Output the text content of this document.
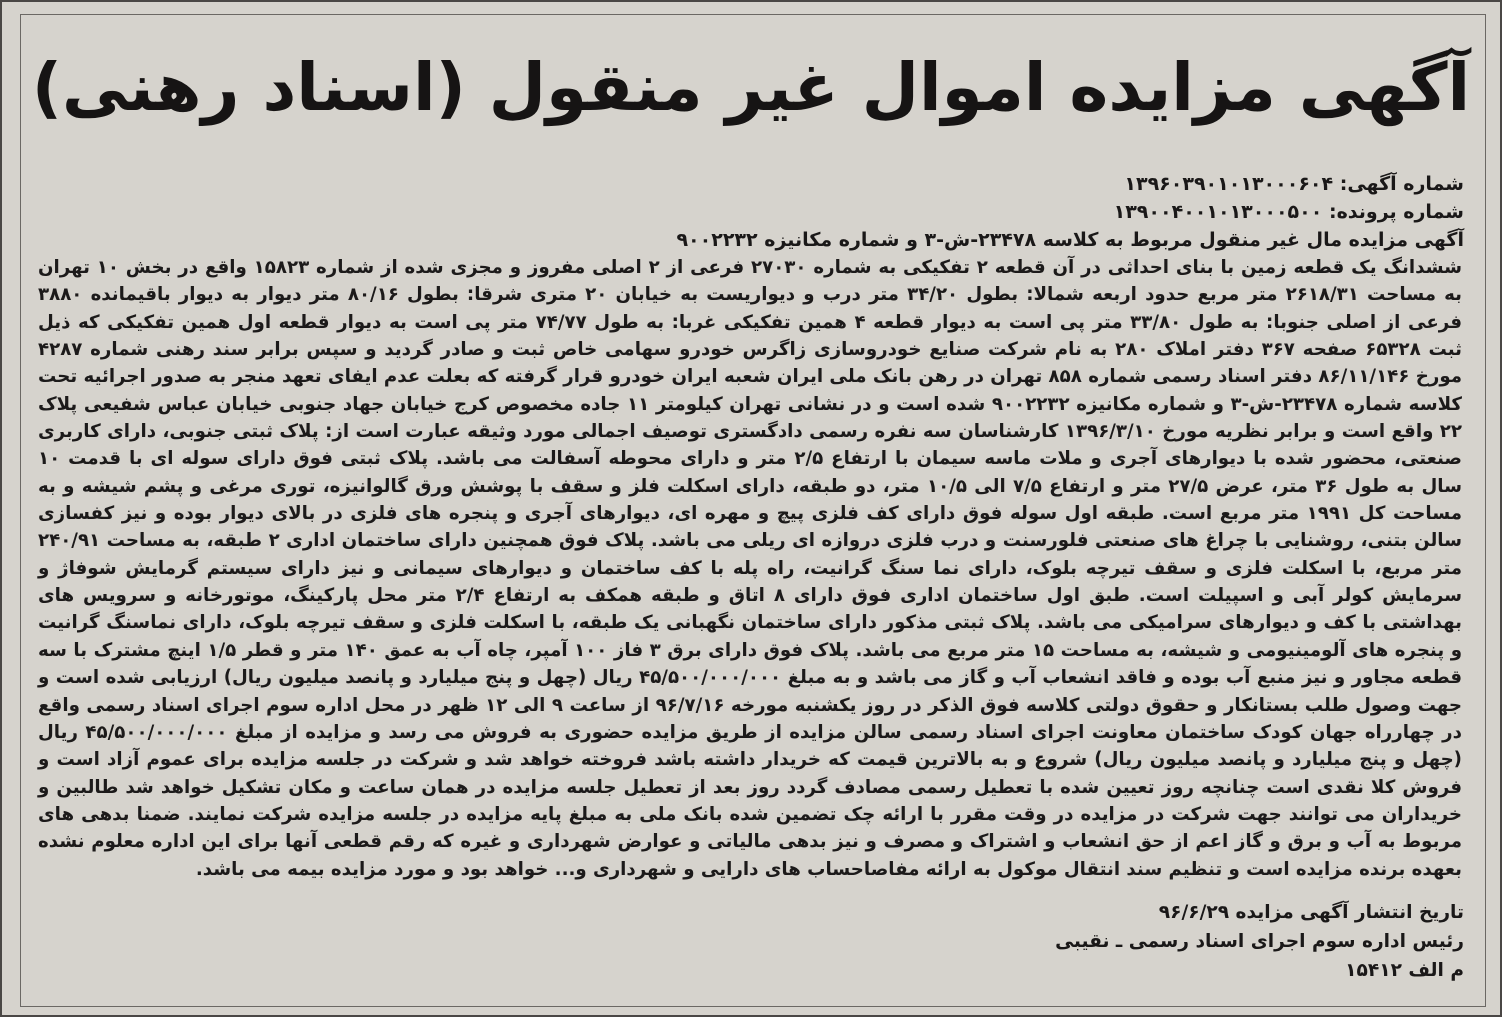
آگهی مزایده اموال غیر منقول (اسناد رهنی)
شماره آگهی: ۱۳۹۶۰۳۹۰۱۰۱۳۰۰۰۶۰۴
شماره پرونده: ۱۳۹۰۰۴۰۰۱۰۱۳۰۰۰۵۰۰
آگهی مزایده مال غیر منقول مربوط به کلاسه ۲۳۴۷۸-ش-۳ و شماره مکانیزه ۹۰۰۲۲۳۲

ششدانگ یک قطعه زمین با بنای احداثی در آن قطعه ۲ تفکیکی به شماره ۲۷۰۳۰ فرعی از ۲ اصلی مفروز و مجزی شده از شماره ۱۵۸۲۳ واقع در بخش ۱۰ تهران به مساحت ۲۶۱۸/۳۱ متر مربع حدود اربعه شمالا: بطول ۳۴/۲۰ متر درب و دیواریست به خیابان ۲۰ متری شرقا: بطول ۸۰/۱۶ متر دیوار به دیوار باقیمانده ۳۸۸۰ فرعی از اصلی جنوبا: به طول ۳۳/۸۰ متر پی است به دیوار قطعه ۴ همین تفکیکی غربا: به طول ۷۴/۷۷ متر پی است به دیوار قطعه اول همین تفکیکی که ذیل ثبت ۶۵۳۲۸ صفحه ۳۶۷ دفتر املاک ۲۸۰ به نام شرکت صنایع خودروسازی زاگرس خودرو سهامی خاص ثبت و صادر گردید و سپس برابر سند رهنی شماره ۴۲۸۷ مورخ ۸۶/۱۱/۱۴۶ دفتر اسناد رسمی شماره ۸۵۸ تهران در رهن بانک ملی ایران شعبه ایران خودرو قرار گرفته که بعلت عدم ایفای تعهد منجر به صدور اجرائیه تحت کلاسه شماره ۲۳۴۷۸-ش-۳ و شماره مکانیزه ۹۰۰۲۲۳۲ شده است و در نشانی تهران کیلومتر ۱۱ جاده مخصوص کرج خیابان جهاد جنوبی خیابان عباس شفیعی پلاک ۲۲ واقع است و برابر نظریه مورخ ۱۳۹۶/۳/۱۰ کارشناسان سه نفره رسمی دادگستری توصیف اجمالی مورد وثیقه عبارت است از: پلاک ثبتی جنوبی، دارای کاربری صنعتی، محضور شده با دیوارهای آجری و ملات ماسه سیمان با ارتفاع ۲/۵ متر و دارای محوطه آسفالت می باشد. پلاک ثبتی فوق دارای سوله ای با قدمت ۱۰ سال به طول ۳۶ متر، عرض ۲۷/۵ متر و ارتفاع ۷/۵ الی ۱۰/۵ متر، دو طبقه، دارای اسکلت فلز و سقف با پوشش ورق گالوانیزه، توری مرغی و پشم شیشه و به مساحت کل ۱۹۹۱ متر مربع است. طبقه اول سوله فوق دارای کف فلزی پیچ و مهره ای، دیوارهای آجری و پنجره های فلزی در بالای دیوار بوده و نیز کفسازی سالن بتنی، روشنایی با چراغ های صنعتی فلورسنت و درب فلزی دروازه ای ریلی می باشد. پلاک فوق همچنین دارای ساختمان اداری ۲ طبقه، به مساحت ۲۴۰/۹۱ متر مربع، با اسکلت فلزی و سقف تیرچه بلوک، دارای نما سنگ گرانیت، راه پله با کف ساختمان و دیوارهای سیمانی و نیز دارای سیستم گرمایش شوفاژ و سرمایش کولر آبی و اسپیلت است. طبق اول ساختمان اداری فوق دارای ۸ اتاق و طبقه همکف به ارتفاع ۲/۴ متر محل پارکینگ، موتورخانه و سرویس های بهداشتی با کف و دیوارهای سرامیکی می باشد. پلاک ثبتی مذکور دارای ساختمان نگهبانی یک طبقه، با اسکلت فلزی و سقف تیرچه بلوک، دارای نماسنگ گرانیت و پنجره های آلومینیومی و شیشه، به مساحت ۱۵ متر مربع می باشد. پلاک فوق دارای برق ۳ فاز ۱۰۰ آمپر، چاه آب به عمق ۱۴۰ متر و قطر ۱/۵ اینچ مشترک با سه قطعه مجاور و نیز منبع آب بوده و فاقد انشعاب آب و گاز می باشد و به مبلغ ۴۵/۵۰۰/۰۰۰/۰۰۰ ریال (چهل و پنج میلیارد و پانصد میلیون ریال) ارزیابی شده است و جهت وصول طلب بستانکار و حقوق دولتی کلاسه فوق الذکر در روز یکشنبه مورخه ۹۶/۷/۱۶ از ساعت ۹ الی ۱۲ ظهر در محل اداره سوم اجرای اسناد رسمی واقع در چهارراه جهان کودک ساختمان معاونت اجرای اسناد رسمی سالن مزایده از طریق مزایده حضوری به فروش می رسد و مزایده از مبلغ ۴۵/۵۰۰/۰۰۰/۰۰۰ ریال (چهل و پنج میلیارد و پانصد میلیون ریال) شروع و به بالاترین قیمت که خریدار داشته باشد فروخته خواهد شد و شرکت در جلسه مزایده برای عموم آزاد است و فروش کلا نقدی است چنانچه روز تعیین شده با تعطیل رسمی مصادف گردد روز بعد از تعطیل جلسه مزایده در همان ساعت و مکان تشکیل خواهد شد طالبین و خریداران می توانند جهت شرکت در مزایده در وقت مقرر با ارائه چک تضمین شده بانک ملی به مبلغ پایه مزایده در جلسه مزایده شرکت نمایند. ضمنا بدهی های مربوط به آب و برق و گاز اعم از حق انشعاب و اشتراک و مصرف و نیز بدهی مالیاتی و عوارض شهرداری و غیره که رقم قطعی آنها برای این اداره معلوم نشده بعهده برنده مزایده است و تنظیم سند انتقال موکول به ارائه مفاصاحساب های دارایی و شهرداری و... خواهد بود و مورد مزایده بیمه می باشد.

تاریخ انتشار آگهی مزایده ۹۶/۶/۲۹
رئیس اداره سوم اجرای اسناد رسمی ـ نقیبی
م الف ۱۵۴۱۲
